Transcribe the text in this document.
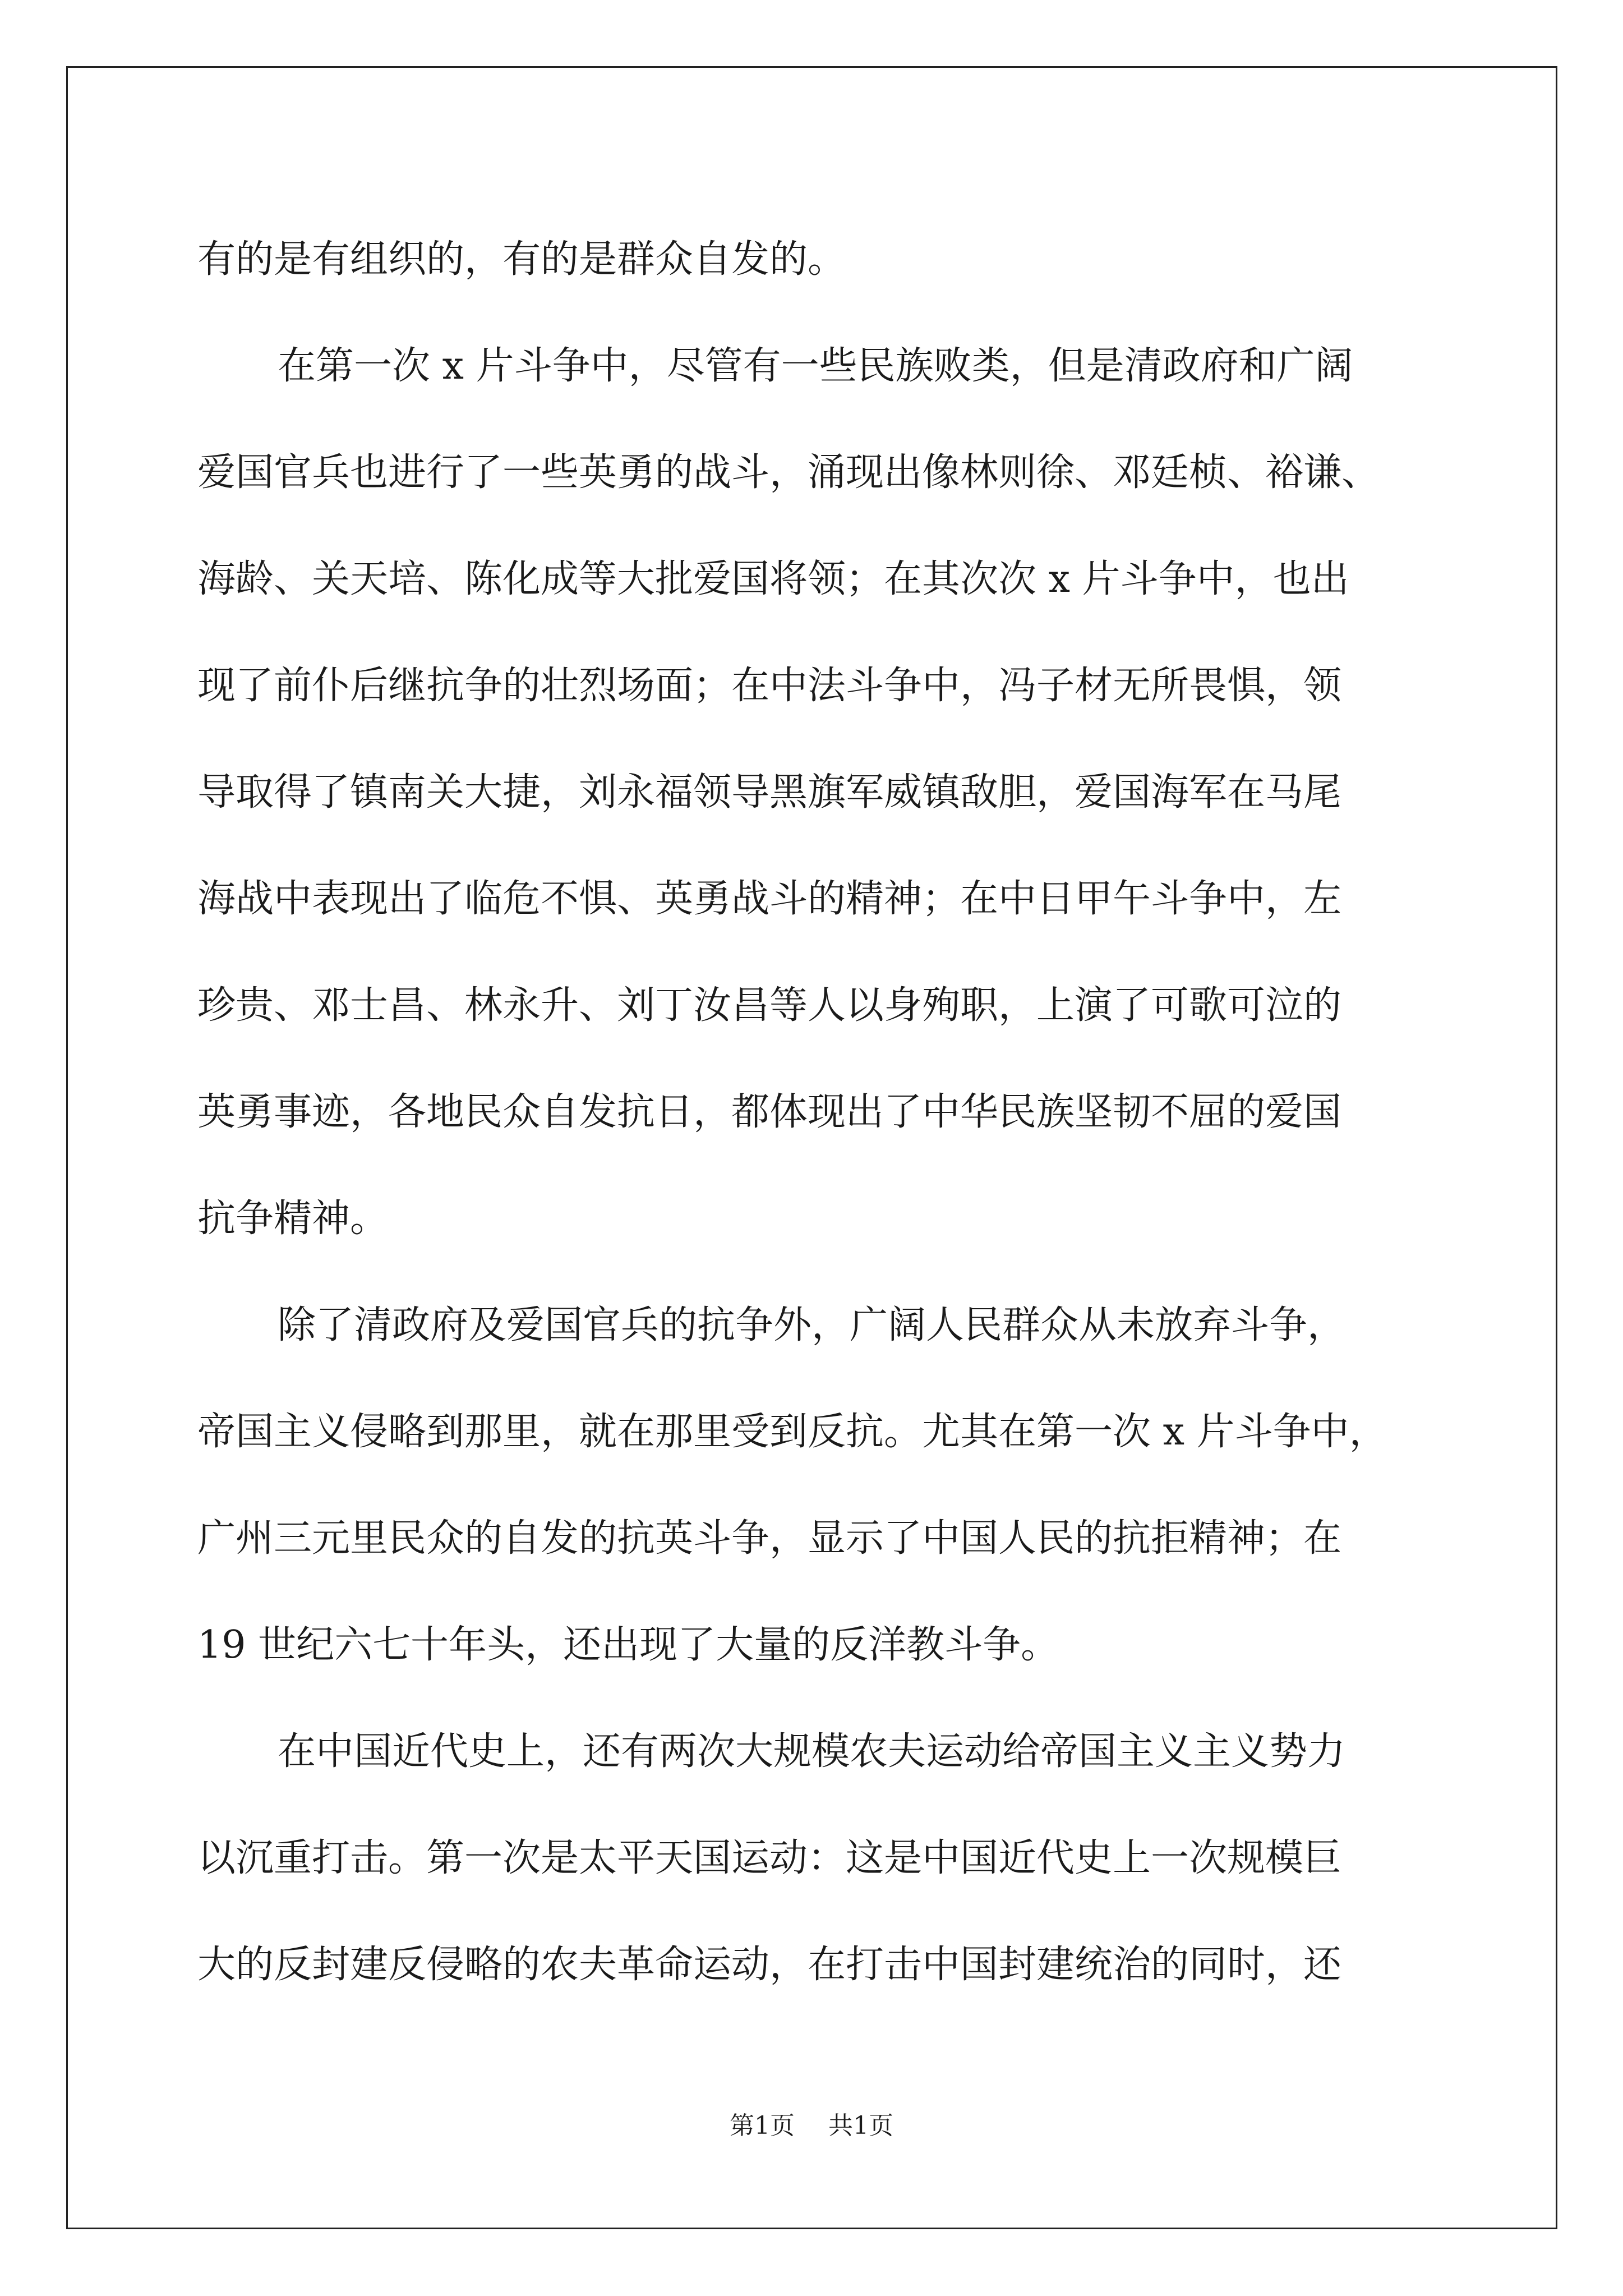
有的是有组织的，有的是群众自发的。
在第一次 x 片斗争中，尽管有一些民族败类，但是清政府和广阔
爱国官兵也进行了一些英勇的战斗，涌现出像林则徐、邓廷桢、裕谦、
海龄、关天培、陈化成等大批爱国将领；在其次次 x 片斗争中，也出
现了前仆后继抗争的壮烈场面；在中法斗争中，冯子材无所畏惧，领
导取得了镇南关大捷，刘永福领导黑旗军威镇敌胆，爱国海军在马尾
海战中表现出了临危不惧、英勇战斗的精神；在中日甲午斗争中，左
珍贵、邓士昌、林永升、刘丁汝昌等人以身殉职，上演了可歌可泣的
英勇事迹，各地民众自发抗日，都体现出了中华民族坚韧不屈的爱国
抗争精神。
除了清政府及爱国官兵的抗争外，广阔人民群众从未放弃斗争，
帝国主义侵略到那里，就在那里受到反抗。尤其在第一次 x 片斗争中，
广州三元里民众的自发的抗英斗争，显示了中国人民的抗拒精神；在
19 世纪六七十年头，还出现了大量的反洋教斗争。
在中国近代史上，还有两次大规模农夫运动给帝国主义主义势力
以沉重打击。第一次是太平天国运动：这是中国近代史上一次规模巨
大的反封建反侵略的农夫革命运动，在打击中国封建统治的同时，还
第1页 共1页
